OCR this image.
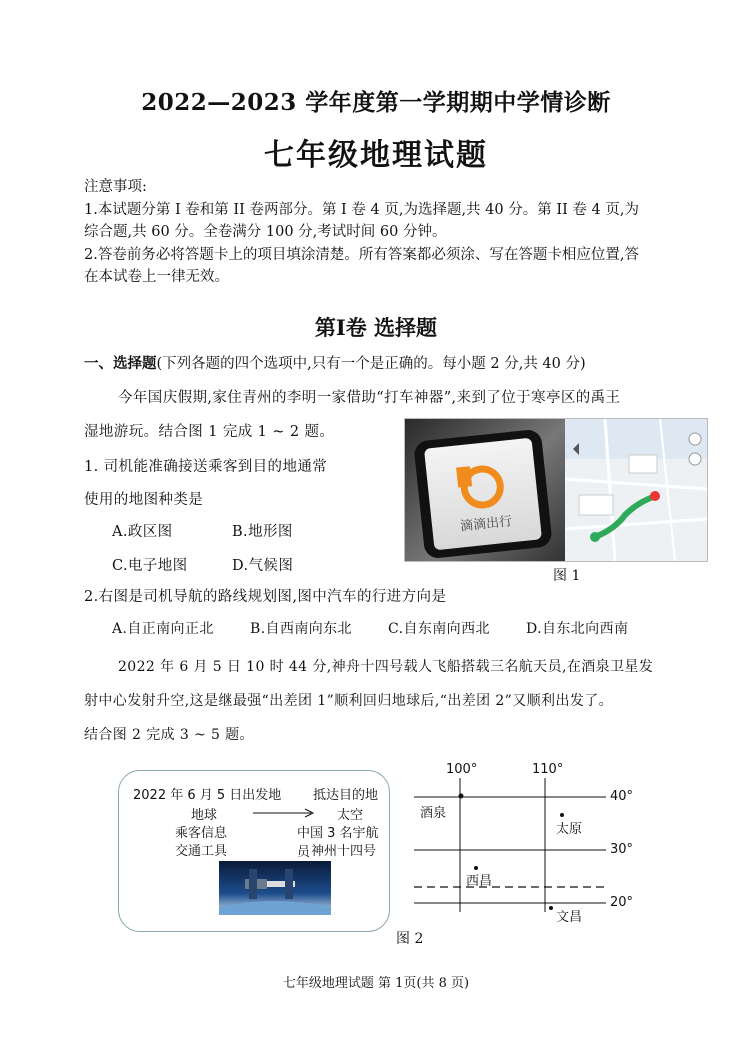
2022—2023 学年度第一学期期中学情诊断
七年级地理试题
注意事项:
1.本试题分第 I 卷和第 II 卷两部分。第 I 卷 4 页,为选择题,共 40 分。第 II 卷 4 页,为
综合题,共 60 分。全卷满分 100 分,考试时间 60 分钟。
2.答卷前务必将答题卡上的项目填涂清楚。所有答案都必须涂、写在答题卡相应位置,答
在本试卷上一律无效。
第Ⅰ卷 选择题
一、选择题(下列各题的四个选项中,只有一个是正确的。每小题 2 分,共 40 分)
今年国庆假期,家住青州的李明一家借助“打车神器”,来到了位于寒亭区的禹王
湿地游玩。结合图 1 完成 1 ~ 2 题。
1. 司机能准确接送乘客到目的地通常
使用的地图种类是
A.政区图	B.地形图
C.电子地图	D.气候图
滴滴出行
图 1
2.右图是司机导航的路线规划图,图中汽车的行进方向是
A.自正南向正北	B.自西南向东北	C.自东南向西北	D.自东北向西南
2022 年 6 月 5 日 10 时 44 分,神舟十四号载人飞船搭载三名航天员,在酒泉卫星发
射中心发射升空,这是继最强“出差团 1”顺利回归地球后,“出差团 2”又顺利出发了。
结合图 2 完成 3 ~ 5 题。
2022 年 6 月 5 日出发地 抵达目的地
地球	太空
乘客信息	中国 3 名宇航员
交通工具	神州十四号
100°	110°
40°
30°
20°
酒泉
太原
西昌
文昌
图 2
七年级地理试题 第 1页(共 8 页)
